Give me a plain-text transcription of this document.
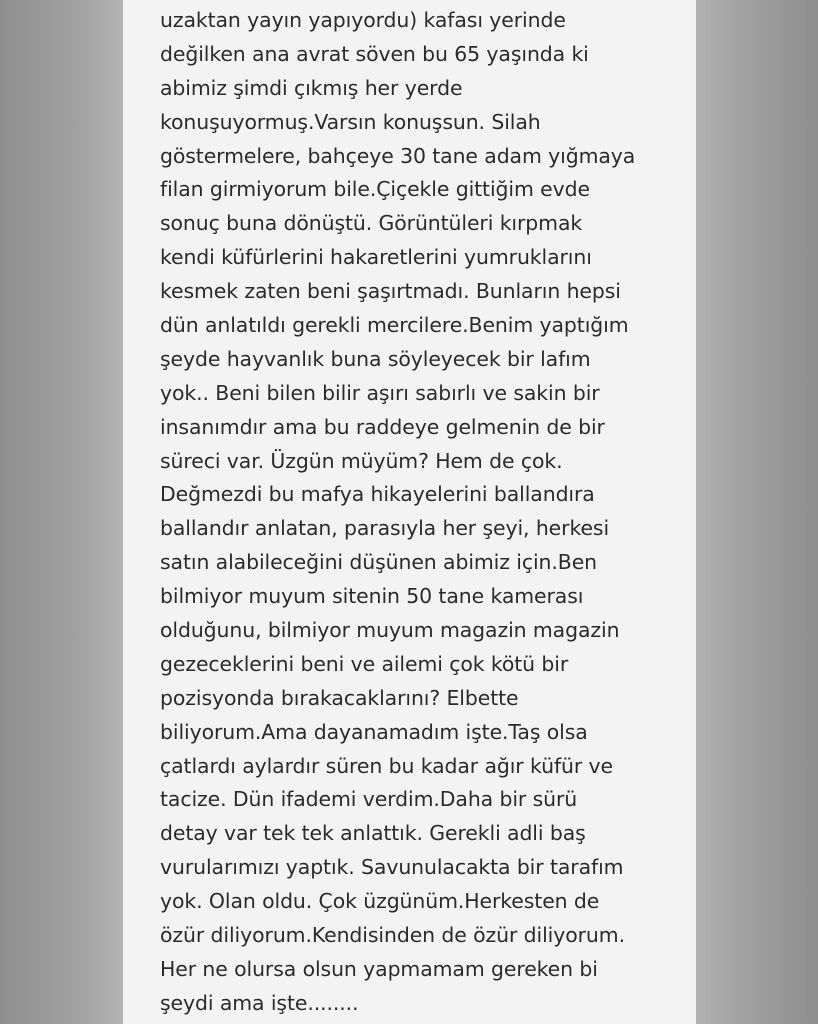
uzaktan yayın yapıyordu) kafası yerinde
değilken ana avrat söven bu 65 yaşında ki
abimiz şimdi çıkmış her yerde
konuşuyormuş.Varsın konuşsun. Silah
göstermelere, bahçeye 30 tane adam yığmaya
filan girmiyorum bile.Çiçekle gittiğim evde
sonuç buna dönüştü. Görüntüleri kırpmak
kendi küfürlerini hakaretlerini yumruklarını
kesmek zaten beni şaşırtmadı. Bunların hepsi
dün anlatıldı gerekli mercilere.Benim yaptığım
şeyde hayvanlık buna söyleyecek bir lafım
yok.. Beni bilen bilir aşırı sabırlı ve sakin bir
insanımdır ama bu raddeye gelmenin de bir
süreci var. Üzgün müyüm? Hem de çok.
Değmezdi bu mafya hikayelerini ballandıra
ballandır anlatan, parasıyla her şeyi, herkesi
satın alabileceğini düşünen abimiz için.Ben
bilmiyor muyum sitenin 50 tane kamerası
olduğunu, bilmiyor muyum magazin magazin
gezeceklerini beni ve ailemi çok kötü bir
pozisyonda bırakacaklarını? Elbette
biliyorum.Ama dayanamadım işte.Taş olsa
çatlardı aylardır süren bu kadar ağır küfür ve
tacize. Dün ifademi verdim.Daha bir sürü
detay var tek tek anlattık. Gerekli adli baş
vurularımızı yaptık. Savunulacakta bir tarafım
yok. Olan oldu. Çok üzgünüm.Herkesten de
özür diliyorum.Kendisinden de özür diliyorum.
Her ne olursa olsun yapmamam gereken bi
şeydi ama işte........
